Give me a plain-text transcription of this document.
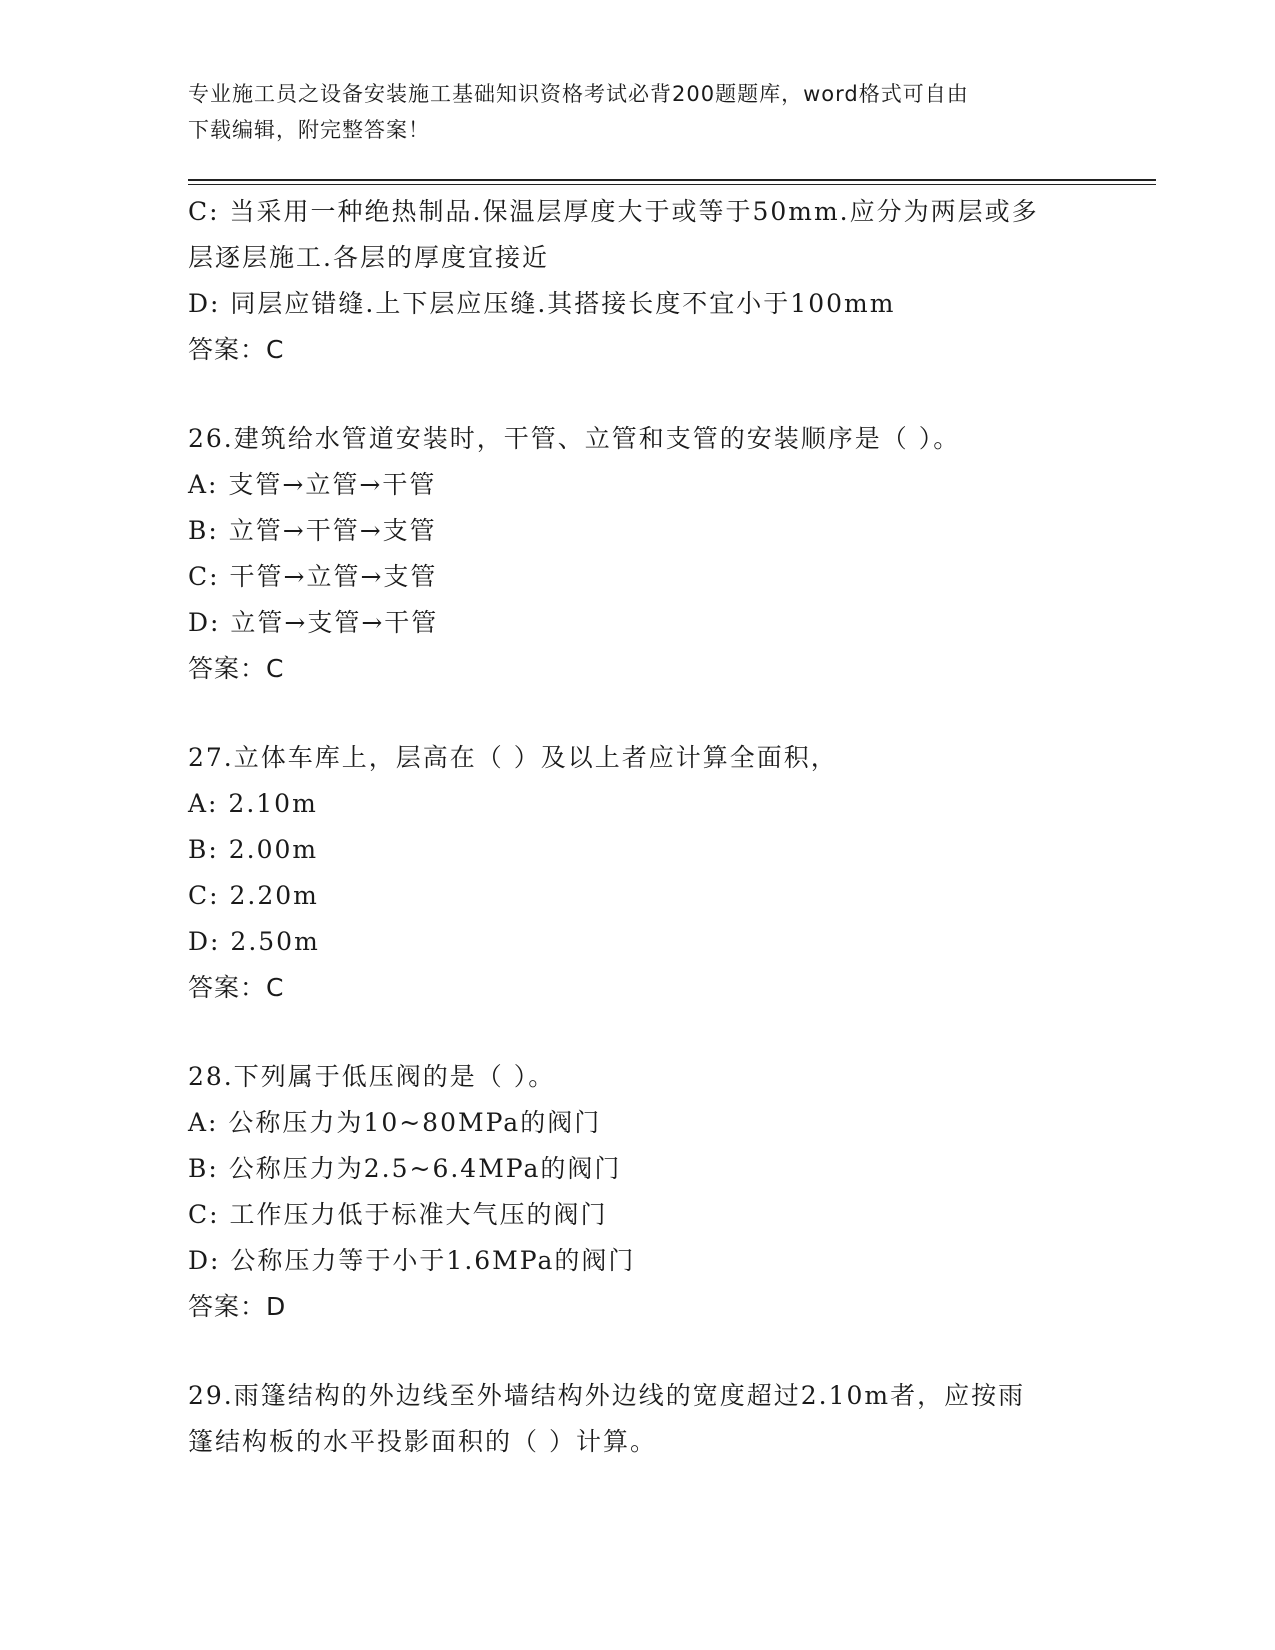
专业施工员之设备安装施工基础知识资格考试必背200题题库，word格式可自由
下载编辑，附完整答案！
C: 当采用一种绝热制品.保温层厚度大于或等于50mm.应分为两层或多
层逐层施工.各层的厚度宜接近
D: 同层应错缝.上下层应压缝.其搭接长度不宜小于100mm
答案：C
26.建筑给水管道安装时，干管、立管和支管的安装顺序是（ ）。
A: 支管→立管→干管
B: 立管→干管→支管
C: 干管→立管→支管
D: 立管→支管→干管
答案：C
27.立体车库上，层高在（ ）及以上者应计算全面积，
A: 2.10m
B: 2.00m
C: 2.20m
D: 2.50m
答案：C
28.下列属于低压阀的是（ ）。
A: 公称压力为10~80MPa的阀门
B: 公称压力为2.5~6.4MPa的阀门
C: 工作压力低于标准大气压的阀门
D: 公称压力等于小于1.6MPa的阀门
答案：D
29.雨篷结构的外边线至外墙结构外边线的宽度超过2.10m者，应按雨
篷结构板的水平投影面积的（ ）计算。
